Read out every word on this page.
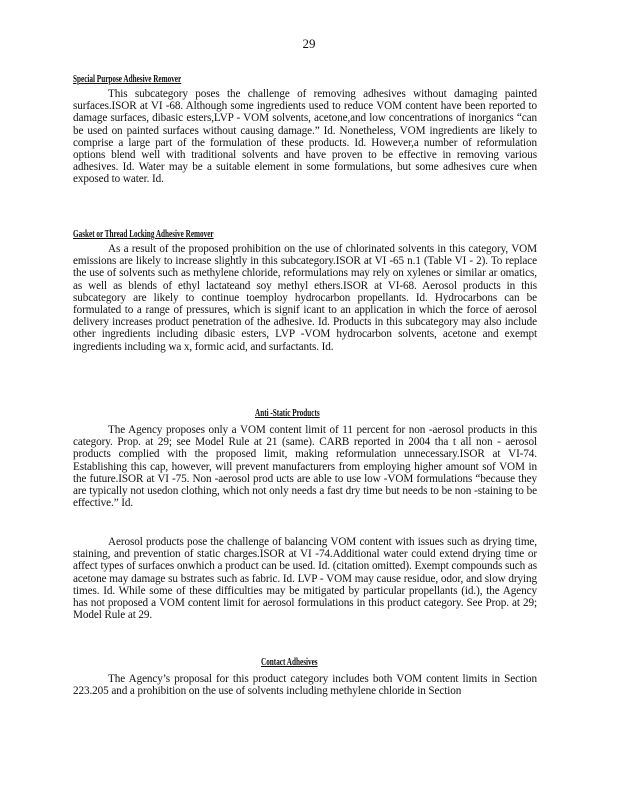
29
Special Purpose Adhesive Remover

This subcategory poses the challenge of removing adhesives without damaging painted surfaces.ISOR at VI -68. Although some ingredients used to reduce VOM content have been reported to damage surfaces, dibasic esters,LVP - VOM solvents, acetone,and low concentrations of inorganics “can be used on painted surfaces without causing damage.” Id. Nonetheless, VOM ingredients are likely to comprise a large part of the formulation of these products. Id. However,a number of reformulation options blend well with traditional solvents and have proven to be effective in removing various adhesives. Id. Water may be a suitable element in some formulations, but some adhesives cure when exposed to water. Id.

Gasket or Thread Locking Adhesive Remover

As a result of the proposed prohibition on the use of chlorinated solvents in this category, VOM emissions are likely to increase slightly in this subcategory.ISOR at VI -65 n.1 (Table VI - 2). To replace the use of solvents such as methylene chloride, reformulations may rely on xylenes or similar ar omatics, as well as blends of ethyl lactateand soy methyl ethers.ISOR at VI-68. Aerosol products in this subcategory are likely to continue toemploy hydrocarbon propellants. Id. Hydrocarbons can be formulated to a range of pressures, which is signif icant to an application in which the force of aerosol delivery increases product penetration of the adhesive. Id. Products in this subcategory may also include other ingredients including dibasic esters, LVP -VOM hydrocarbon solvents, acetone and exempt ingredients including wa x, formic acid, and surfactants. Id.

Anti -Static Products

The Agency proposes only a VOM content limit of 11 percent for non -aerosol products in this category. Prop. at 29; see Model Rule at 21 (same). CARB reported in 2004 tha t all non - aerosol products complied with the proposed limit, making reformulation unnecessary.ISOR at VI-74. Establishing this cap, however, will prevent manufacturers from employing higher amount sof VOM in the future.ISOR at VI -75. Non -aerosol prod ucts are able to use low -VOM formulations “because they are typically not usedon clothing, which not only needs a fast dry time but needs to be non -staining to be effective.” Id.

Aerosol products pose the challenge of balancing VOM content with issues such as drying time, staining, and prevention of static charges.ISOR at VI -74.Additional water could extend drying time or affect types of surfaces onwhich a product can be used. Id. (citation omitted). Exempt compounds such as acetone may damage su bstrates such as fabric. Id. LVP - VOM may cause residue, odor, and slow drying times. Id. While some of these difficulties may be mitigated by particular propellants (id.), the Agency has not proposed a VOM content limit for aerosol formulations in this product category. See Prop. at 29; Model Rule at 29.

Contact Adhesives

The Agency’s proposal for this product category includes both VOM content limits in Section 223.205 and a prohibition on the use of solvents including methylene chloride in Section
